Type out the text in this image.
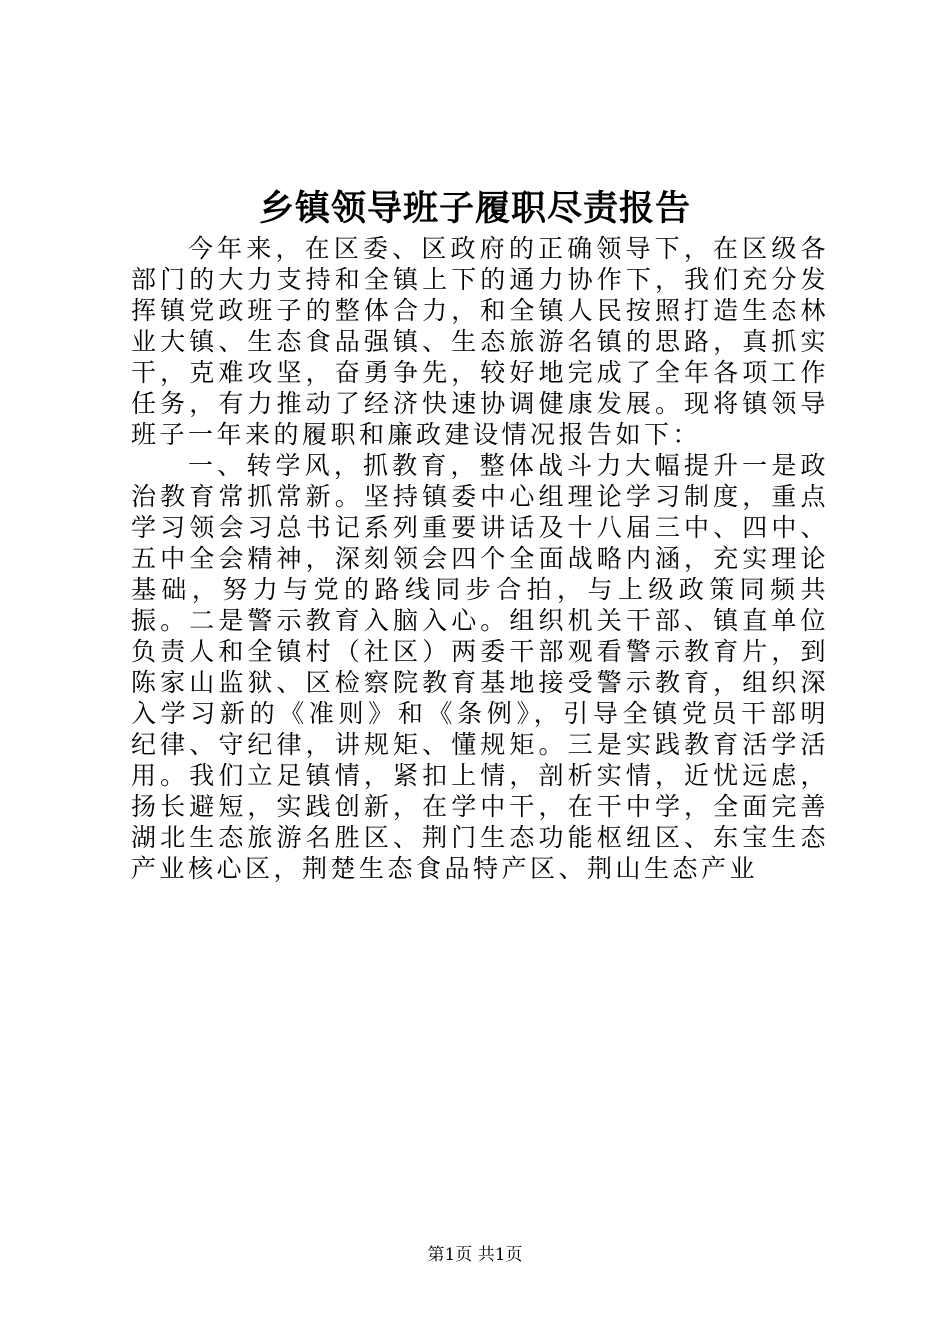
乡镇领导班子履职尽责报告

今年来，在区委、区政府的正确领导下，在区级各部门的大力支持和全镇上下的通力协作下，我们充分发挥镇党政班子的整体合力，和全镇人民按照打造生态林业大镇、生态食品强镇、生态旅游名镇的思路，真抓实干，克难攻坚，奋勇争先，较好地完成了全年各项工作任务，有力推动了经济快速协调健康发展。现将镇领导班子一年来的履职和廉政建设情况报告如下：

一、转学风，抓教育，整体战斗力大幅提升一是政治教育常抓常新。坚持镇委中心组理论学习制度，重点学习领会习总书记系列重要讲话及十八届三中、四中、五中全会精神，深刻领会四个全面战略内涵，充实理论基础，努力与党的路线同步合拍，与上级政策同频共振。二是警示教育入脑入心。组织机关干部、镇直单位负责人和全镇村（社区）两委干部观看警示教育片，到陈家山监狱、区检察院教育基地接受警示教育，组织深入学习新的《准则》和《条例》，引导全镇党员干部明纪律、守纪律，讲规矩、懂规矩。三是实践教育活学活用。我们立足镇情，紧扣上情，剖析实情，近忧远虑，扬长避短，实践创新，在学中干，在干中学，全面完善湖北生态旅游名胜区、荆门生态功能枢纽区、东宝生态产业核心区，荆楚生态食品特产区、荆山生态产业

第1页 共1页
